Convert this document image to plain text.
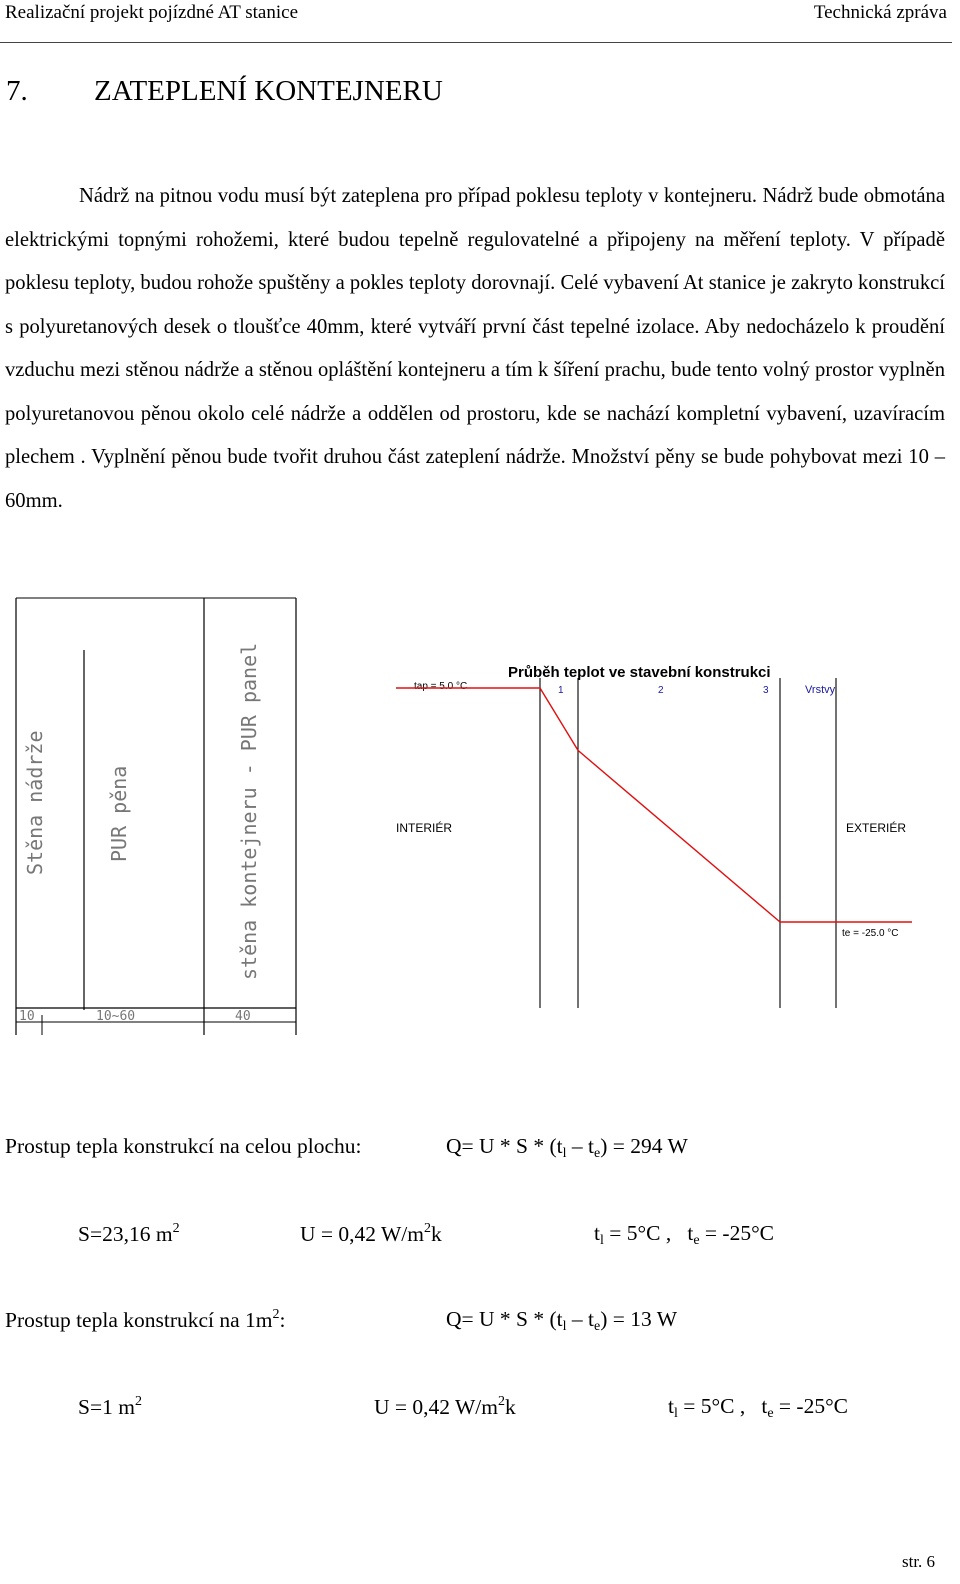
Realizační projekt pojízdné AT stanice	Technická zpráva
7. ZATEPLENÍ KONTEJNERU
Nádrž na pitnou vodu musí být zateplena pro případ poklesu teploty v kontejneru. Nádrž bude obmotána elektrickými topnými rohožemi, které budou tepelně regulovatelné a připojeny na měření teploty. V případě poklesu teploty, budou rohože spuštěny a pokles teploty dorovnají. Celé vybavení At stanice je zakryto konstrukcí s polyuretanových desek o tloušťce 40mm, které vytváří první část tepelné izolace. Aby nedocházelo k proudění vzduchu mezi stěnou nádrže a stěnou opláštění kontejneru a tím k šíření prachu, bude tento volný prostor vyplněn polyuretanovou pěnou okolo celé nádrže a oddělen od prostoru, kde se nachází kompletní vybavení, uzavíracím plechem . Vyplnění pěnou bude tvořit druhou část zateplení nádrže. Množství pěny se bude pohybovat mezi 10 – 60mm.
Stěna nádrže	PUR pěna	stěna kontejneru - PUR panel
10	10~60	40
Průběh teplot ve stavební konstrukci
tap = 5.0 °C	1	2	3	Vrstvy
INTERIÉR	EXTERIÉR
te = -25.0 °C
Prostup tepla konstrukcí na celou plochu:	$Q= U * S * (t_l - t_e) = 294$ W
S=23,16 $m^2$	U = 0,42 $W/m^2k$	$t_l = 5^\circ C$ , $t_e = -25^\circ C$
Prostup tepla konstrukcí na $1m^2$:	$Q= U * S * (t_l - t_e) = 13$ W
S=1 $m^2$	U = 0,42 $W/m^2k$	$t_l = 5^\circ C$ , $t_e = -25^\circ C$
str. 6
